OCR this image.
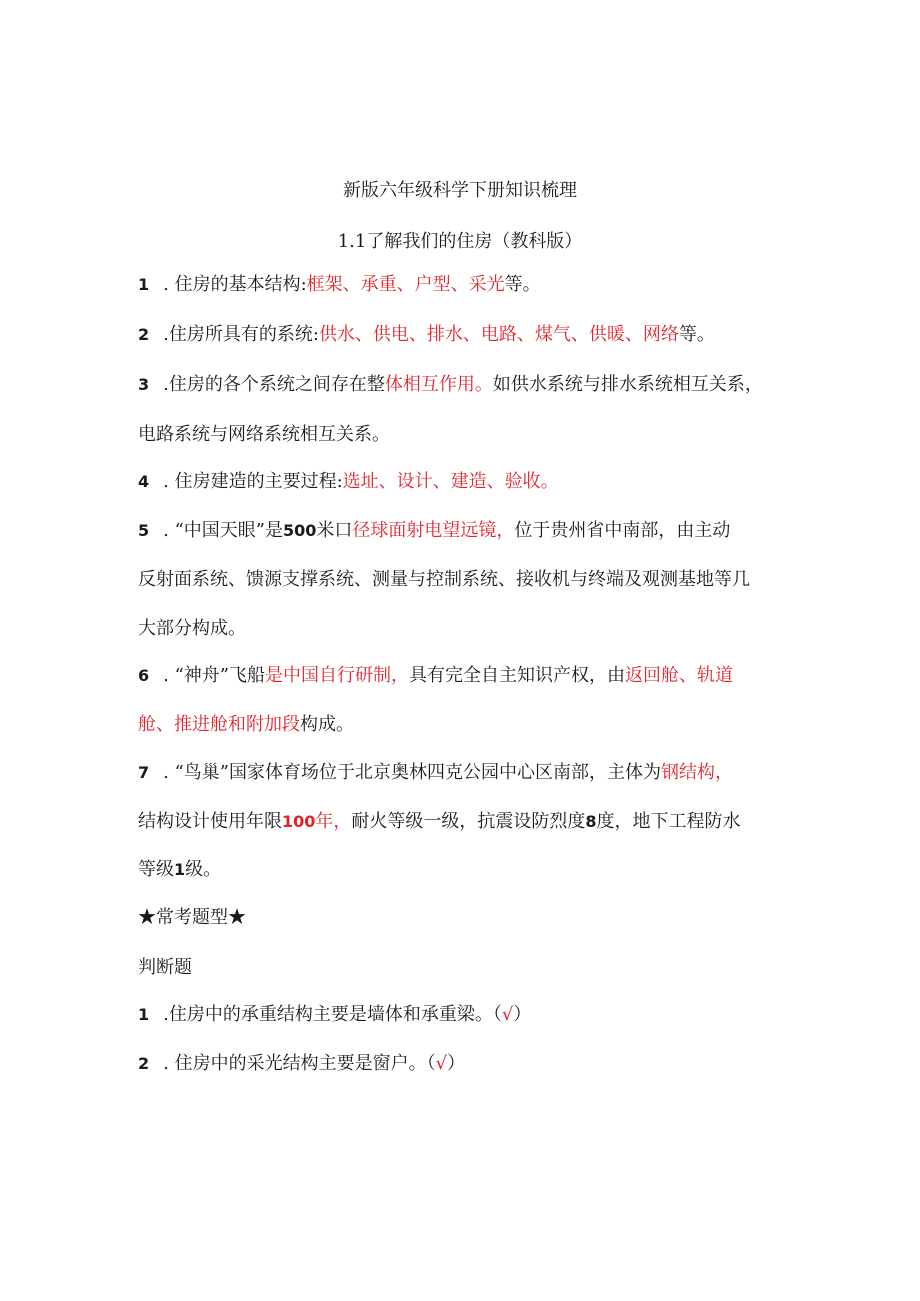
新版六年级科学下册知识梳理
1.1了解我们的住房（教科版）
1 . 住房的基本结构:框架、承重、户型、采光等。
2 .住房所具有的系统:供水、供电、排水、电路、煤气、供暖、网络等。
3 .住房的各个系统之间存在整体相互作用。如供水系统与排水系统相互关系，
电路系统与网络系统相互关系。
4 . 住房建造的主要过程:选址、设计、建造、验收。
5 . “中国天眼”是500米口径球面射电望远镜，位于贵州省中南部，由主动
反射面系统、馈源支撑系统、测量与控制系统、接收机与终端及观测基地等几
大部分构成。
6 . “神舟”飞船是中国自行研制，具有完全自主知识产权，由返回舱、轨道
舱、推进舱和附加段构成。
7 . “鸟巢”国家体育场位于北京奥林四克公园中心区南部，主体为钢结构，
结构设计使用年限100年，耐火等级一级，抗震设防烈度8度，地下工程防水
等级1级。
★常考题型★
判断题
1 .住房中的承重结构主要是墙体和承重梁。（√）
2 . 住房中的采光结构主要是窗户。（√）
